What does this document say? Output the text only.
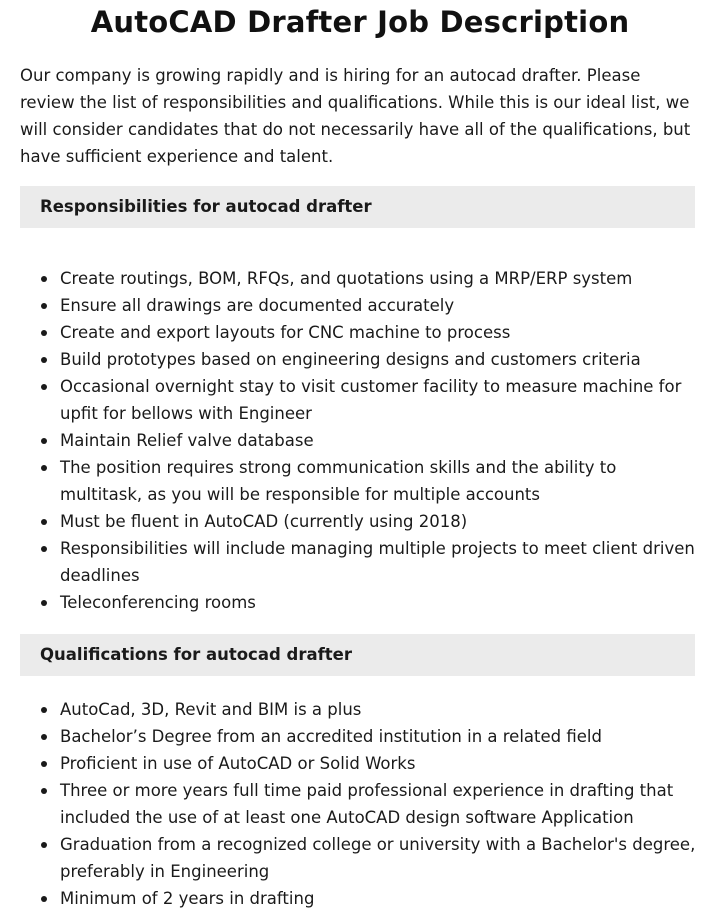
AutoCAD Drafter Job Description

Our company is growing rapidly and is hiring for an autocad drafter. Please review the list of responsibilities and qualifications. While this is our ideal list, we will consider candidates that do not necessarily have all of the qualifications, but have sufficient experience and talent.

Responsibilities for autocad drafter
Create routings, BOM, RFQs, and quotations using a MRP/ERP system
Ensure all drawings are documented accurately
Create and export layouts for CNC machine to process
Build prototypes based on engineering designs and customers criteria
Occasional overnight stay to visit customer facility to measure machine for upfit for bellows with Engineer
Maintain Relief valve database
The position requires strong communication skills and the ability to multitask, as you will be responsible for multiple accounts
Must be fluent in AutoCAD (currently using 2018)
Responsibilities will include managing multiple projects to meet client driven deadlines
Teleconferencing rooms
Qualifications for autocad drafter
AutoCad, 3D, Revit and BIM is a plus
Bachelor’s Degree from an accredited institution in a related field
Proficient in use of AutoCAD or Solid Works
Three or more years full time paid professional experience in drafting that included the use of at least one AutoCAD design software Application
Graduation from a recognized college or university with a Bachelor's degree, preferably in Engineering
Minimum of 2 years in drafting
